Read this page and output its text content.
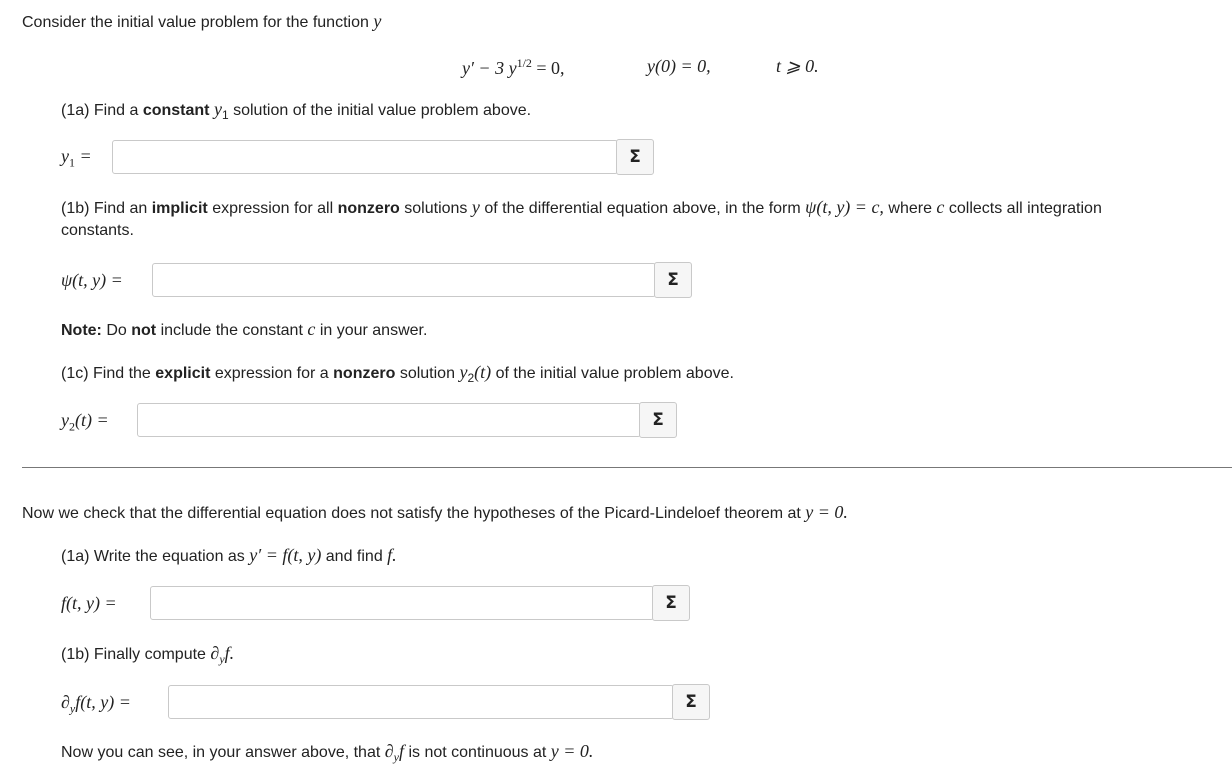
Consider the initial value problem for the function y
y′ − 3 $y^{1/2} = 0$,	y(0) = 0,	t ⩾ 0.
(1a) Find a constant $y_1$ solution of the initial value problem above.
$y_1$ =	Σ
(1b) Find an implicit expression for all nonzero solutions y of the differential equation above, in the form ψ(t, y) = c, where c collects all integration
constants.
ψ(t, y) =	Σ
Note: Do not include the constant c in your answer.
(1c) Find the explicit expression for a nonzero solution $y_2(t)$ of the initial value problem above.
$y_2(t)$ =	Σ
Now we check that the differential equation does not satisfy the hypotheses of the Picard-Lindeloef theorem at y = 0.
(1a) Write the equation as y′ = f(t, y) and find f.
f(t, y) =	Σ
(1b) Finally compute $\partial_yf$.
$\partial_yf(t$, y) =	Σ
Now you can see, in your answer above, that $\partial_yf$ is not continuous at y = 0.
